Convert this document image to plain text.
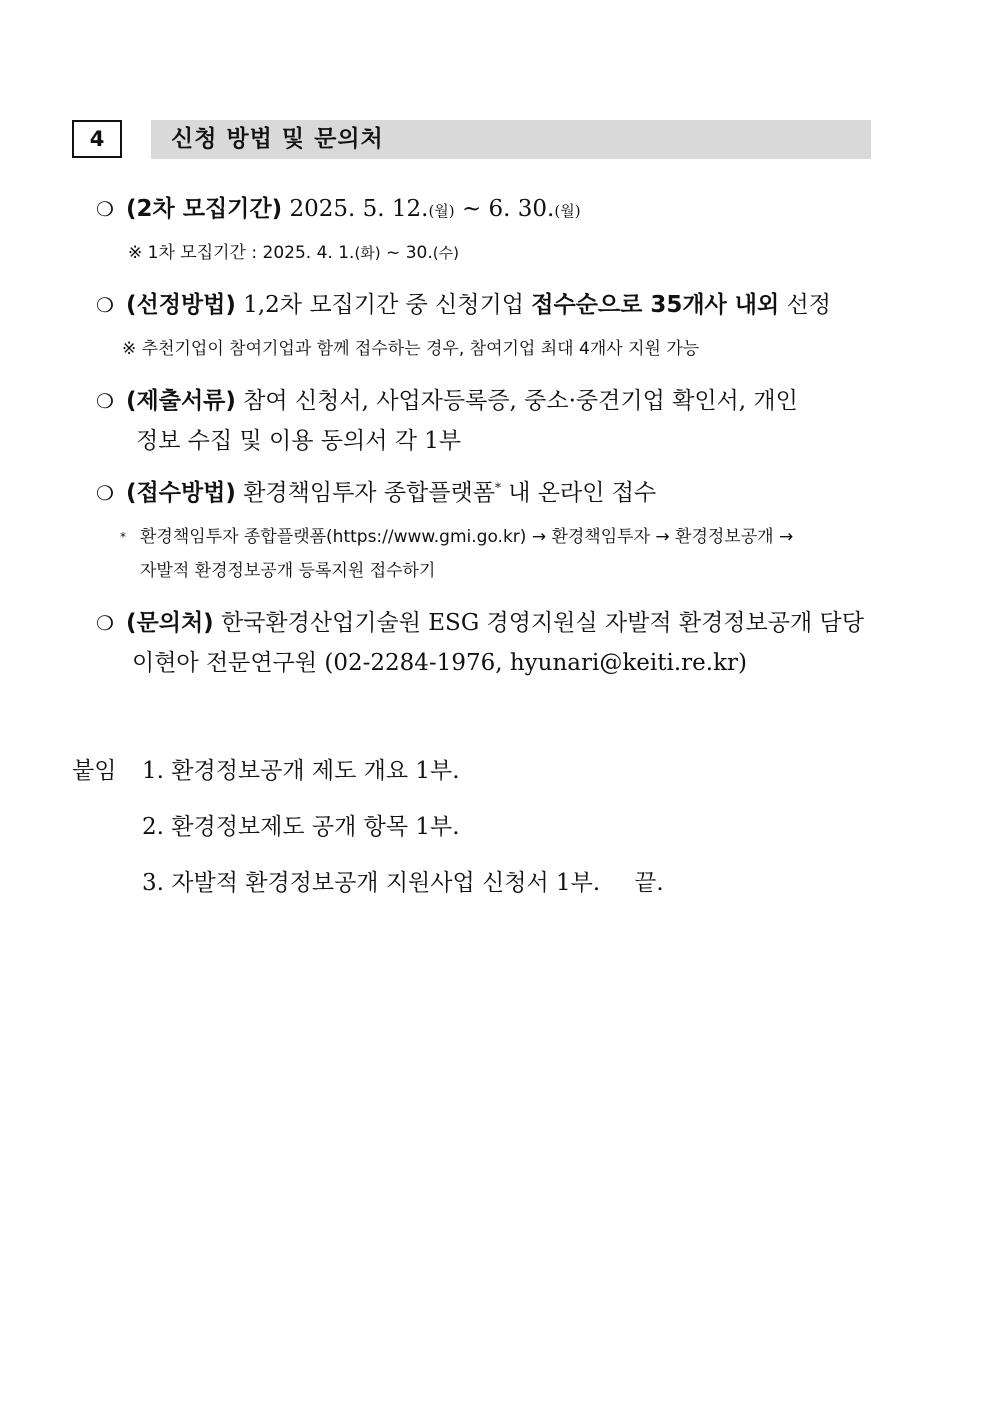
4	신청 방법 및 문의처
❍ (2차 모집기간) 2025. 5. 12.(월) ~ 6. 30.(월)
※ 1차 모집기간 : 2025. 4. 1.(화) ~ 30.(수)
❍ (선정방법) 1,2차 모집기간 중 신청기업 접수순으로 35개사 내외 선정
※ 추천기업이 참여기업과 함께 접수하는 경우, 참여기업 최대 4개사 지원 가능
❍ (제출서류) 참여 신청서, 사업자등록증, 중소·중견기업 확인서, 개인
정보 수집 및 이용 동의서 각 1부
❍ (접수방법) 환경책임투자 종합플랫폼* 내 온라인 접수
* 환경책임투자 종합플랫폼(https://www.gmi.go.kr) → 환경책임투자 → 환경정보공개 →
자발적 환경정보공개 등록지원 접수하기
❍ (문의처) 한국환경산업기술원 ESG 경영지원실 자발적 환경정보공개 담당
이현아 전문연구원 (02-2284-1976, hyunari@keiti.re.kr)
붙임 1. 환경정보공개 제도 개요 1부.
2. 환경정보제도 공개 항목 1부.
3. 자발적 환경정보공개 지원사업 신청서 1부. 끝.
